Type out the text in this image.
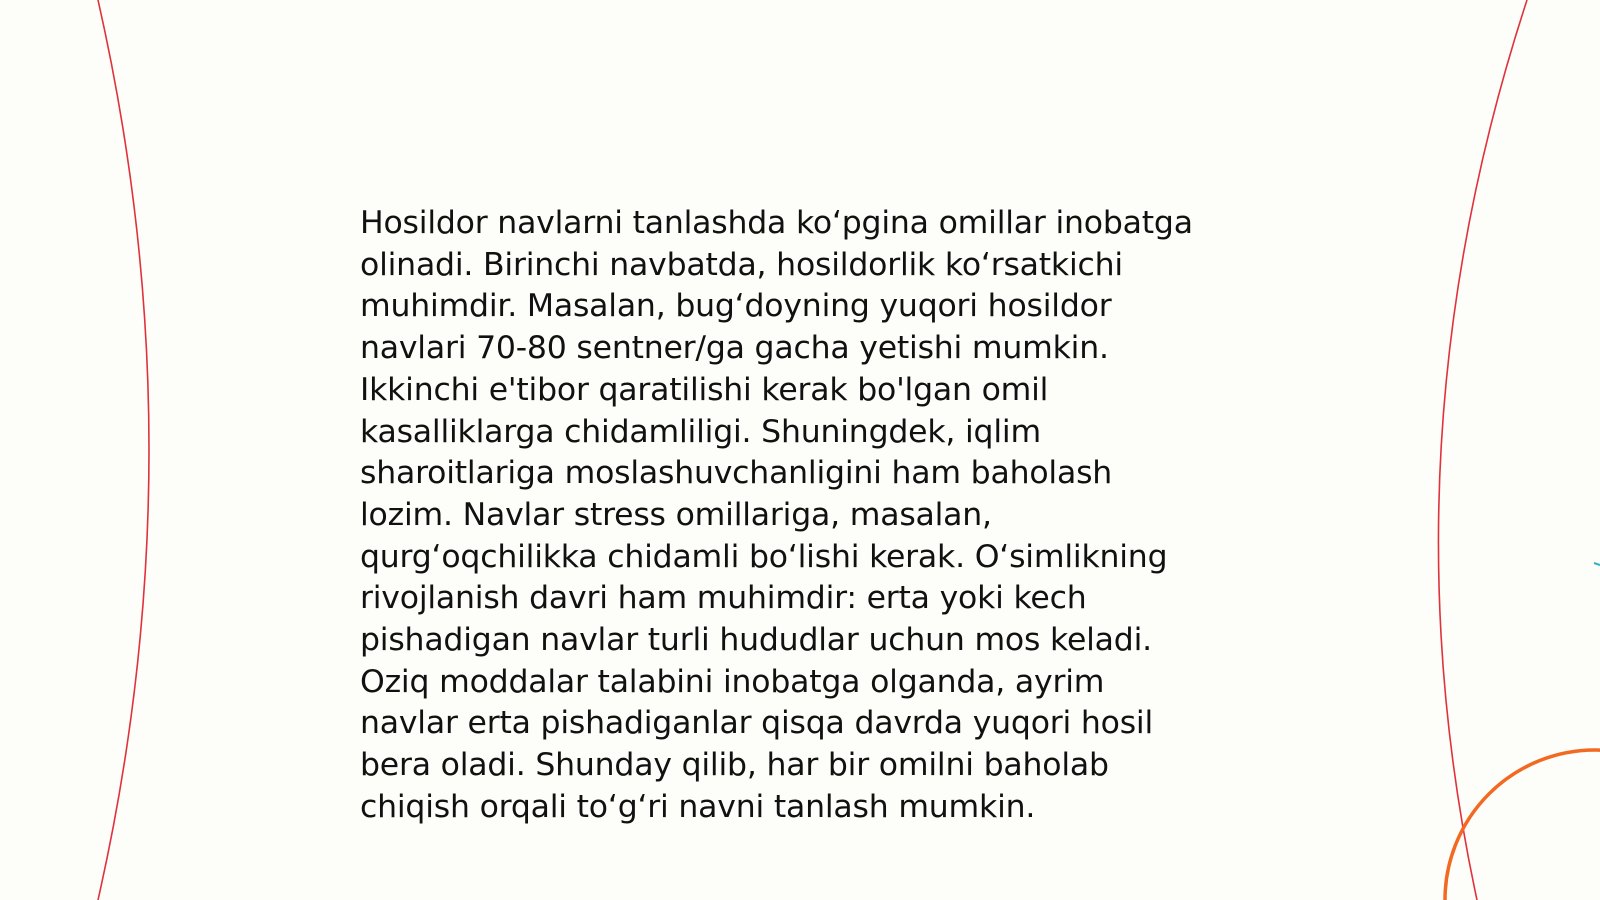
Hosildor navlarni tanlashda ko‘pgina omillar inobatga
olinadi. Birinchi navbatda, hosildorlik ko‘rsatkichi
muhimdir. Masalan, bug‘doyning yuqori hosildor
navlari 70-80 sentner/ga gacha yetishi mumkin.
Ikkinchi e'tibor qaratilishi kerak bo'lgan omil
kasalliklarga chidamliligi. Shuningdek, iqlim
sharoitlariga moslashuvchanligini ham baholash
lozim. Navlar stress omillariga, masalan,
qurg‘oqchilikka chidamli bo‘lishi kerak. O‘simlikning
rivojlanish davri ham muhimdir: erta yoki kech
pishadigan navlar turli hududlar uchun mos keladi.
Oziq moddalar talabini inobatga olganda, ayrim
navlar erta pishadiganlar qisqa davrda yuqori hosil
bera oladi. Shunday qilib, har bir omilni baholab
chiqish orqali to‘g‘ri navni tanlash mumkin.
